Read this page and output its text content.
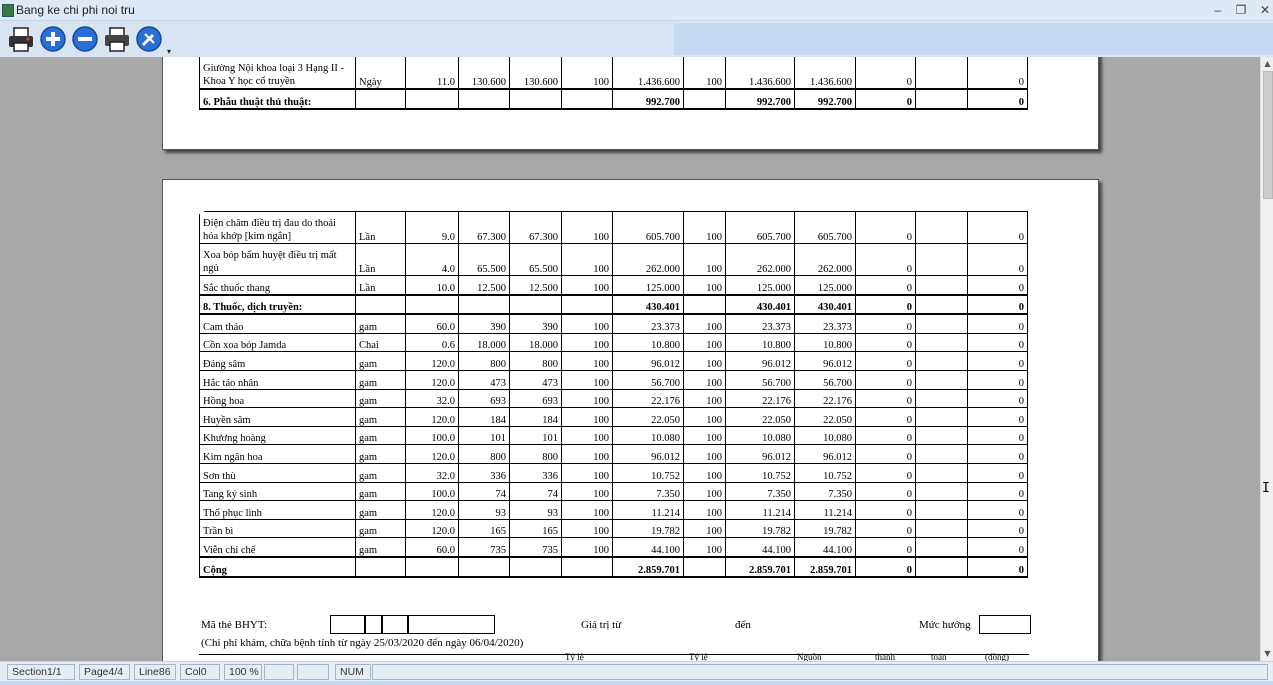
Bang ke chi phi noi tru	–	❐	✕
▾
Giường Nội khoa loại 3 Hạng II - Khoa Y học cổ truyền	Ngày	11.0	130.600	130.600	100	1.436.600	100	1.436.600	1.436.600	0		0
6. Phẫu thuật thủ thuật:						992.700		992.700	992.700	0		0
Điện châm điều trị đau do thoái hóa khớp [kim ngắn]	Lần	9.0	67.300	67.300	100	605.700	100	605.700	605.700	0		0
Xoa bóp bấm huyệt điều trị mất ngủ	Lần	4.0	65.500	65.500	100	262.000	100	262.000	262.000	0		0
Sắc thuốc thang	Lần	10.0	12.500	12.500	100	125.000	100	125.000	125.000	0		0
8. Thuốc, dịch truyền:						430.401		430.401	430.401	0		0
Cam thảo	gam	60.0	390	390	100	23.373	100	23.373	23.373	0		0
Cồn xoa bóp Jamda	Chai	0.6	18.000	18.000	100	10.800	100	10.800	10.800	0		0
Đảng sâm	gam	120.0	800	800	100	96.012	100	96.012	96.012	0		0
Hắc táo nhân	gam	120.0	473	473	100	56.700	100	56.700	56.700	0		0
Hồng hoa	gam	32.0	693	693	100	22.176	100	22.176	22.176	0		0
Huyền sâm	gam	120.0	184	184	100	22.050	100	22.050	22.050	0		0
Khương hoàng	gam	100.0	101	101	100	10.080	100	10.080	10.080	0		0
Kim ngân hoa	gam	120.0	800	800	100	96.012	100	96.012	96.012	0		0
Sơn thù	gam	32.0	336	336	100	10.752	100	10.752	10.752	0		0
Tang ký sinh	gam	100.0	74	74	100	7.350	100	7.350	7.350	0		0
Thổ phục linh	gam	120.0	93	93	100	11.214	100	11.214	11.214	0		0
Trần bì	gam	120.0	165	165	100	19.782	100	19.782	19.782	0		0
Viễn chí chế	gam	60.0	735	735	100	44.100	100	44.100	44.100	0		0
Cộng						2.859.701		2.859.701	2.859.701	0		0
Mã thẻ BHYT:	Giá trị từ	đến	Mức hưởng
(Chi phí khám, chữa bệnh tính từ ngày 25/03/2020 đến ngày 06/04/2020)
Tỷ lệ	Tỷ lệ	Nguồn	thanh	toán	(đồng)
▲
▼
I
Section1/1	Page4/4	Line86	Col0	100 %	NUM
